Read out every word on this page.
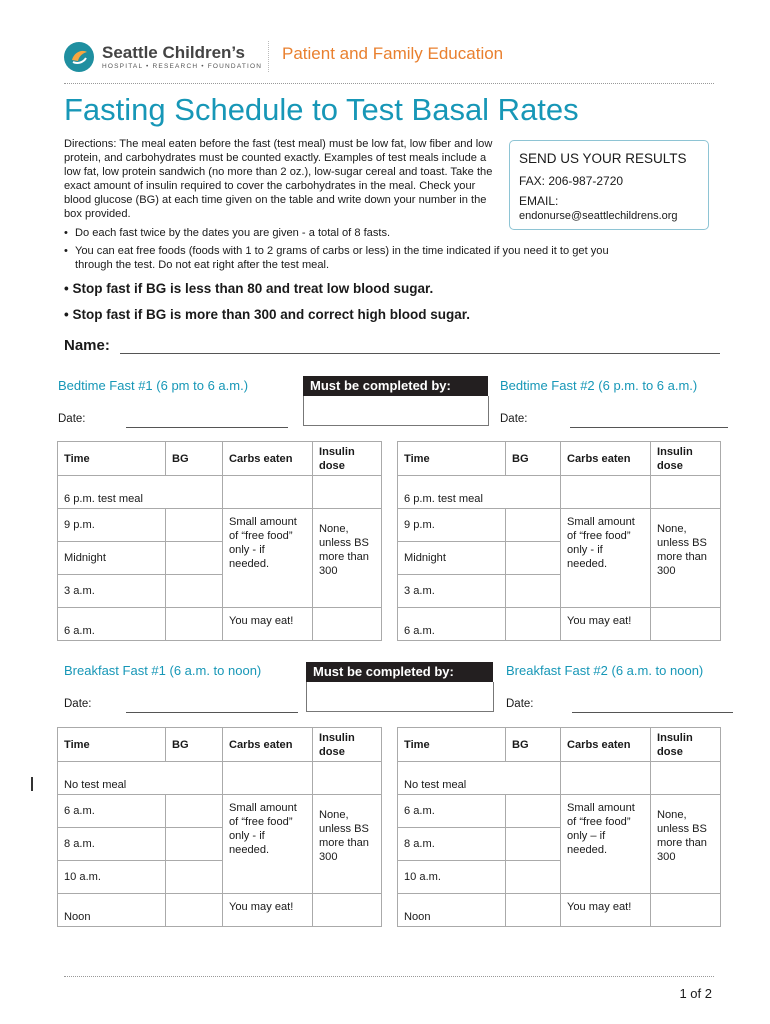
Seattle Children’s
HOSPITAL • RESEARCH • FOUNDATION
Patient and Family Education
Fasting Schedule to Test Basal Rates
Directions: The meal eaten before the fast (test meal) must be low fat, low fiber and low protein, and carbohydrates must be counted exactly. Examples of test meals include a low fat, low protein sandwich (no more than 2 oz.), low-sugar cereal and toast. Take the exact amount of insulin required to cover the carbohydrates in the meal. Check your blood glucose (BG) at each time given on the table and write down your number in the box provided.
SEND US YOUR RESULTS
FAX: 206-987-2720
EMAIL:
endonurse@seattlechildrens.org
• Do each fast twice by the dates you are given - a total of 8 fasts.
• You can eat free foods (foods with 1 to 2 grams of carbs or less) in the time indicated if you need it to get you
through the test. Do not eat right after the test meal.
• Stop fast if BG is less than 80 and treat low blood sugar.
• Stop fast if BG is more than 300 and correct high blood sugar.
Name:
Bedtime Fast #1 (6 pm to 6 a.m.)	Must be completed by:	Bedtime Fast #2 (6 p.m. to 6 a.m.)
Date:	Date:
Time	BG	Carbs eaten	Insulin dose
6 p.m. test meal			
9 p.m.		Small amount of “free food” only - if needed.	None, unless BS more than 300
Midnight			
3 a.m.			
6 a.m.		You may eat!	
Time	BG	Carbs eaten	Insulin dose
6 p.m. test meal			
9 p.m.		Small amount of “free food” only - if needed.	None, unless BS more than 300
Midnight			
3 a.m.			
6 a.m.		You may eat!	
Breakfast Fast #1 (6 a.m. to noon)	Must be completed by:	Breakfast Fast #2 (6 a.m. to noon)
Date:	Date:
Time	BG	Carbs eaten	Insulin dose
No test meal			
6 a.m.		Small amount of “free food” only - if needed.	None, unless BS more than 300
8 a.m.			
10 a.m.			
Noon		You may eat!	
Time	BG	Carbs eaten	Insulin dose
No test meal			
6 a.m.		Small amount of “free food” only – if needed.	None, unless BS more than 300
8 a.m.			
10 a.m.			
Noon		You may eat!	
1 of 2
